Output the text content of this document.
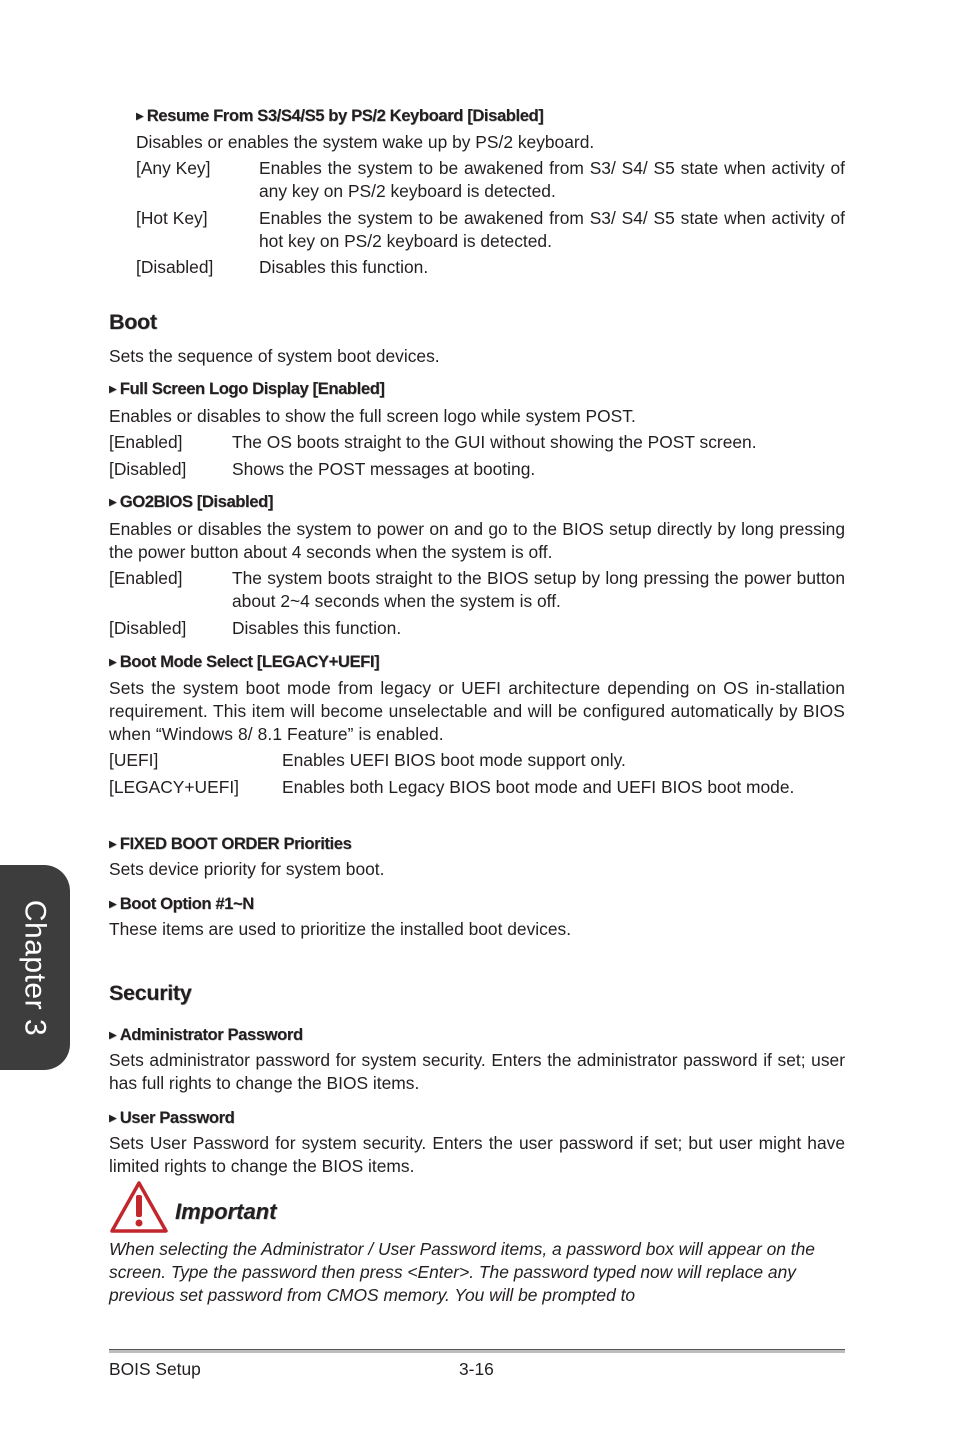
▶ Resume From S3/S4/S5 by PS/2 Keyboard [Disabled]
Disables or enables the system wake up by PS/2 keyboard.
[Any Key]	Enables the system to be awakened from S3/ S4/ S5 state when activity of any key on PS/2 keyboard is detected.
[Hot Key]	Enables the system to be awakened from S3/ S4/ S5 state when activity of hot key on PS/2 keyboard is detected.
[Disabled]	Disables this function.
Boot
Sets the sequence of system boot devices.
▶ Full Screen Logo Display [Enabled]
Enables or disables to show the full screen logo while system POST.
[Enabled]	The OS boots straight to the GUI without showing the POST screen.
[Disabled]	Shows the POST messages at booting.
▶ GO2BIOS [Disabled]
Enables or disables the system to power on and go to the BIOS setup directly by long pressing the power button about 4 seconds when the system is off.
[Enabled]	The system boots straight to the BIOS setup by long pressing the power button about 2~4 seconds when the system is off.
[Disabled]	Disables this function.
▶ Boot Mode Select [LEGACY+UEFI]
Sets the system boot mode from legacy or UEFI architecture depending on OS in-stallation requirement. This item will become unselectable and will be configured automatically by BIOS when “Windows 8/ 8.1 Feature” is enabled.
[UEFI]	Enables UEFI BIOS boot mode support only.
[LEGACY+UEFI] Enables both Legacy BIOS boot mode and UEFI BIOS boot mode.
▶ FIXED BOOT ORDER Priorities
Sets device priority for system boot.
▶ Boot Option #1~N
These items are used to prioritize the installed boot devices.
Security
▶ Administrator Password
Sets administrator password for system security. Enters the administrator password if set; user has full rights to change the BIOS items.
▶ User Password
Sets User Password for system security. Enters the user password if set; but user might have limited rights to change the BIOS items.
Important
When selecting the Administrator / User Password items, a password box will appear on the screen. Type the password then press <Enter>. The password typed now will replace any previous set password from CMOS memory. You will be prompted to
BOIS Setup	3-16
Chapter 3
